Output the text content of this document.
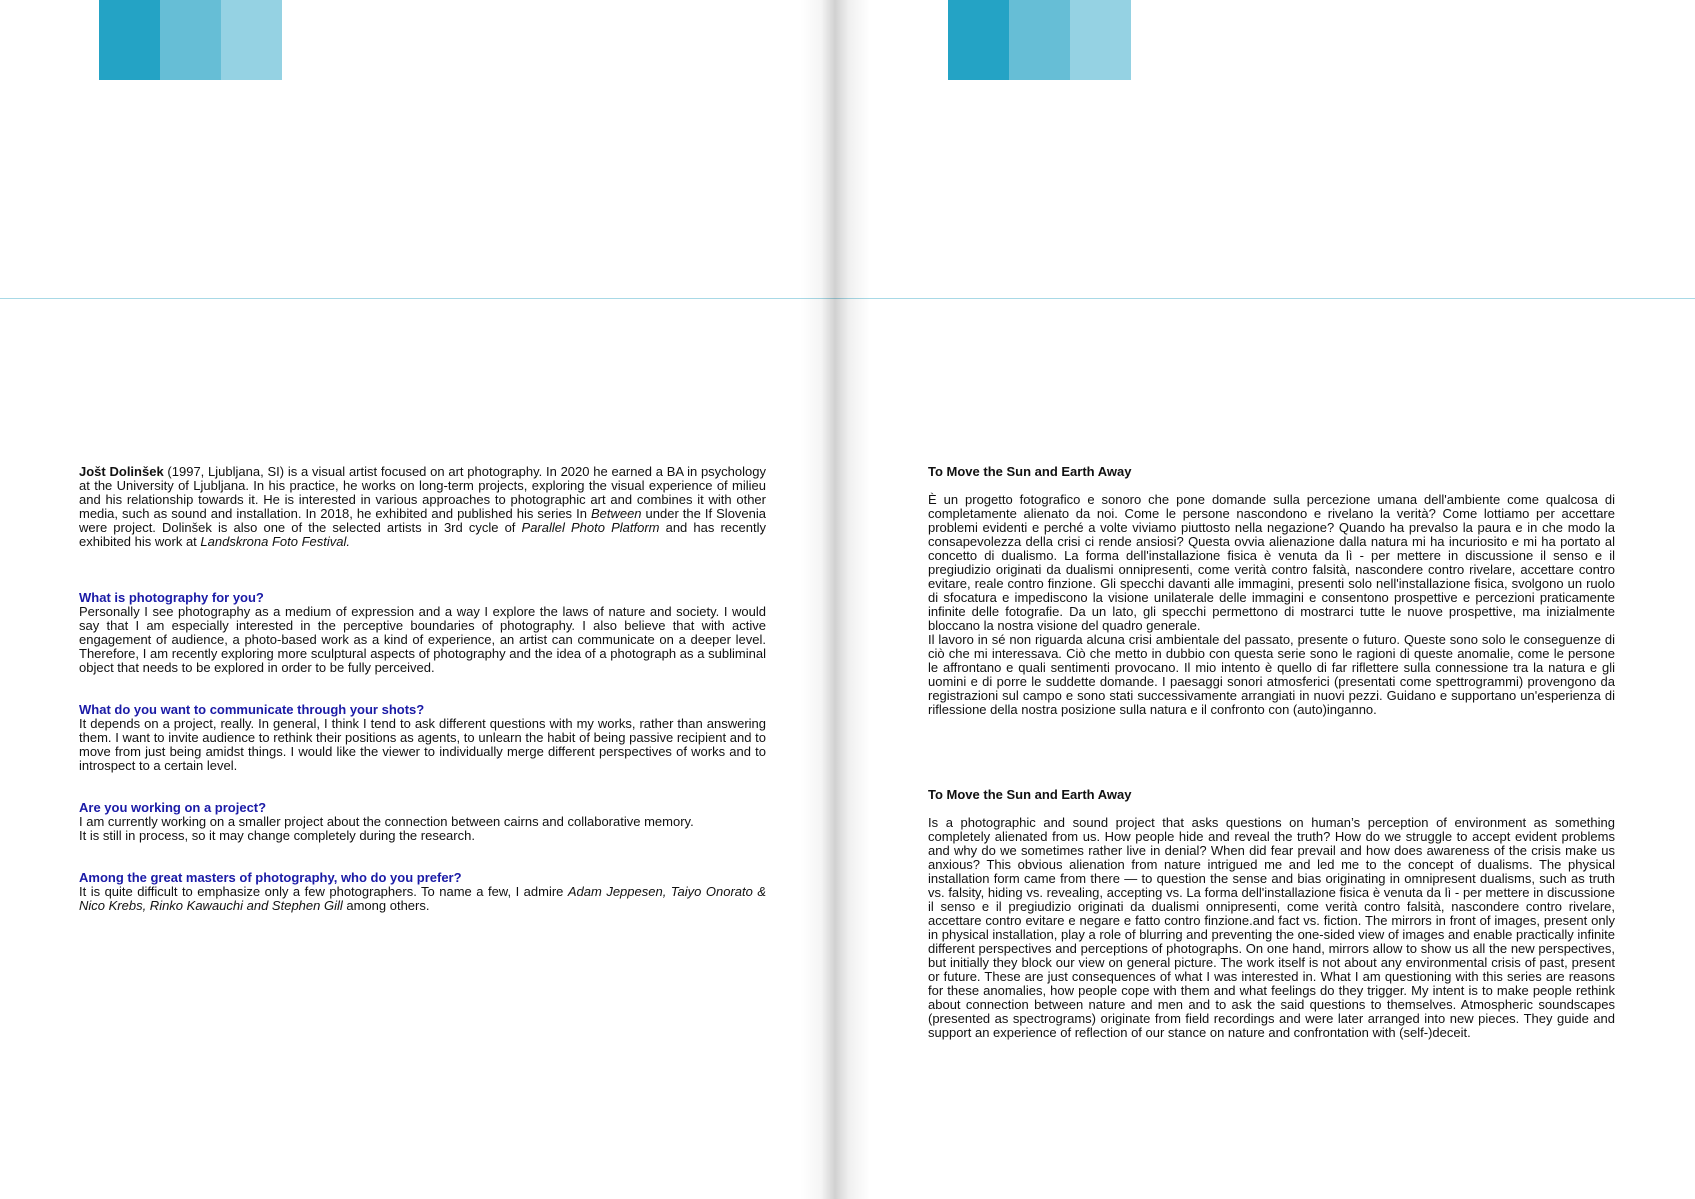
Jošt Dolinšek (1997, Ljubljana, SI) is a visual artist focused on art photography. In 2020 he earned a BA in psychology at the University of Ljubljana. In his practice, he works on long-term projects, exploring the visual experience of milieu and his relationship towards it. He is interested in various approaches to photographic art and combines it with other media, such as sound and installation. In 2018, he exhibited and published his series In Between under the If Slovenia were project. Dolinšek is also one of the selected artists in 3rd cycle of Parallel Photo Platform and has recently exhibited his work at Landskrona Foto Festival.

What is photography for you?

Personally I see photography as a medium of expression and a way I explore the laws of nature and society. I would say that I am especially interested in the perceptive boundaries of photography. I also believe that with active engagement of audience, a photo-based work as a kind of experience, an artist can communicate on a deeper level. Therefore, I am recently exploring more sculptural aspects of photography and the idea of a photograph as a subliminal object that needs to be explored in order to be fully perceived.

What do you want to communicate through your shots?

It depends on a project, really. In general, I think I tend to ask different questions with my works, rather than answering them. I want to invite audience to rethink their positions as agents, to unlearn the habit of being passive recipient and to move from just being amidst things. I would like the viewer to individually merge different perspectives of works and to introspect to a certain level.

Are you working on a project?

I am currently working on a smaller project about the connection between cairns and collaborative memory.

It is still in process, so it may change completely during the research.

Among the great masters of photography, who do you prefer?

It is quite difficult to emphasize only a few photographers. To name a few, I admire Adam Jeppesen, Taiyo Onorato & Nico Krebs, Rinko Kawauchi and Stephen Gill among others.

To Move the Sun and Earth Away

È un progetto fotografico e sonoro che pone domande sulla percezione umana dell'ambiente come qualcosa di completamente alienato da noi. Come le persone nascondono e rivelano la verità? Come lottiamo per accettare problemi evidenti e perché a volte viviamo piuttosto nella negazione? Quando ha prevalso la paura e in che modo la consapevolezza della crisi ci rende ansiosi? Questa ovvia alienazione dalla natura mi ha incuriosito e mi ha portato al concetto di dualismo. La forma dell'installazione fisica è venuta da lì - per mettere in discussione il senso e il pregiudizio originati da dualismi onnipresenti, come verità contro falsità, nascondere contro rivelare, accettare contro evitare, reale contro finzione. Gli specchi davanti alle immagini, presenti solo nell'installazione fisica, svolgono un ruolo di sfocatura e impediscono la visione unilaterale delle immagini e consentono prospettive e percezioni praticamente infinite delle fotografie. Da un lato, gli specchi permettono di mostrarci tutte le nuove prospettive, ma inizialmente bloccano la nostra visione del quadro generale.

Il lavoro in sé non riguarda alcuna crisi ambientale del passato, presente o futuro. Queste sono solo le conseguenze di ciò che mi interessava. Ciò che metto in dubbio con questa serie sono le ragioni di queste anomalie, come le persone le affrontano e quali sentimenti provocano. Il mio intento è quello di far riflettere sulla connessione tra la natura e gli uomini e di porre le suddette domande. I paesaggi sonori atmosferici (presentati come spettrogrammi) provengono da registrazioni sul campo e sono stati successivamente arrangiati in nuovi pezzi. Guidano e supportano un'esperienza di riflessione della nostra posizione sulla natura e il confronto con (auto)inganno.

To Move the Sun and Earth Away

Is a photographic and sound project that asks questions on human’s perception of environment as something completely alienated from us. How people hide and reveal the truth? How do we struggle to accept evident problems and why do we sometimes rather live in denial? When did fear prevail and how does awareness of the crisis make us anxious? This obvious alienation from nature intrigued me and led me to the concept of dualisms. The physical installation form came from there — to question the sense and bias originating in omnipresent dualisms, such as truth vs. falsity, hiding vs. revealing, accepting vs. La forma dell'installazione fisica è venuta da lì - per mettere in discussione il senso e il pregiudizio originati da dualismi onnipresenti, come verità contro falsità, nascondere contro rivelare, accettare contro evitare e negare e fatto contro finzione.and fact vs. fiction. The mirrors in front of images, present only in physical installation, play a role of blurring and preventing the one-sided view of images and enable practically infinite different perspectives and perceptions of photographs. On one hand, mirrors allow to show us all the new perspectives, but initially they block our view on general picture. The work itself is not about any environmental crisis of past, present or future. These are just consequences of what I was interested in. What I am questioning with this series are reasons for these anomalies, how people cope with them and what feelings do they trigger. My intent is to make people rethink about connection between nature and men and to ask the said questions to themselves. Atmospheric soundscapes (presented as spectrograms) originate from field recordings and were later arranged into new pieces. They guide and support an experience of reflection of our stance on nature and confrontation with (self-)deceit.
